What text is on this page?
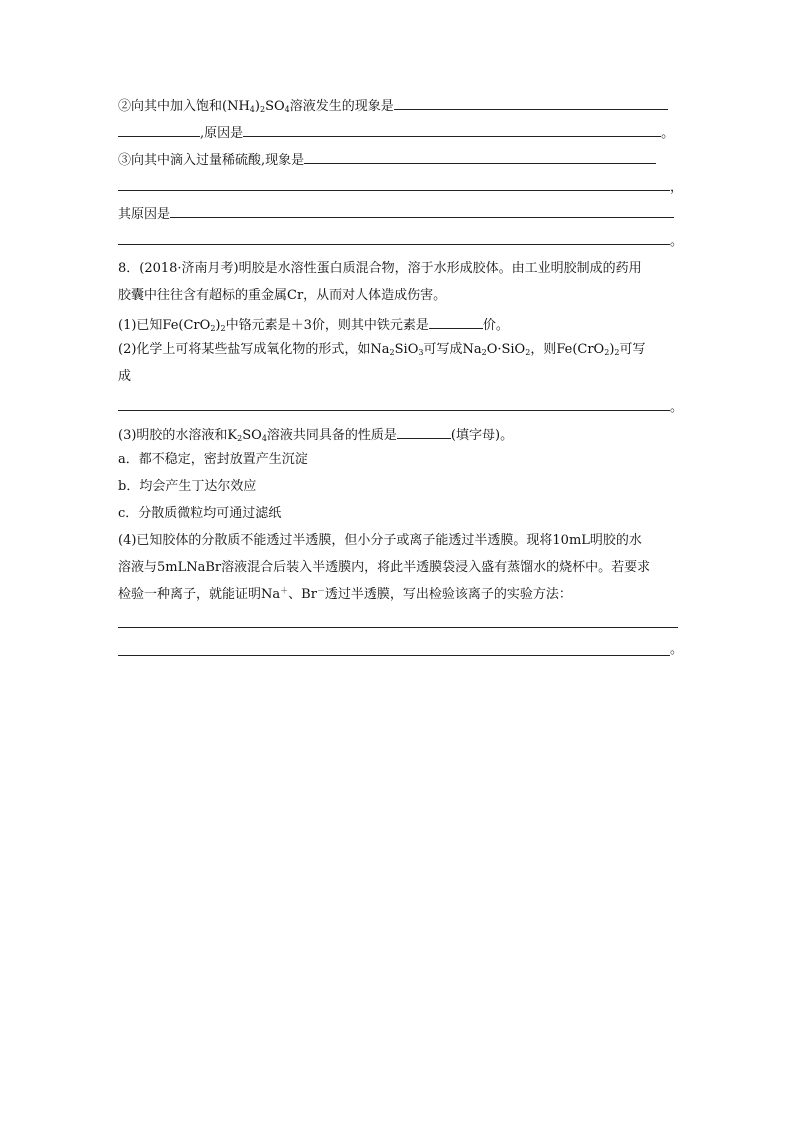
②向其中加入饱和$(NH_4)_2SO_4$溶液发生的现象是
,原因是	。
③向其中滴入过量稀硫酸,现象是
，
其原因是
。
8．(2018·济南月考)明胶是水溶性蛋白质混合物，溶于水形成胶体。由工业明胶制成的药用
胶囊中往往含有超标的重金属Cr，从而对人体造成伤害。
(1)已知$Fe(CrO_2)_2$中铬元素是＋3价，则其中铁元素是	价。
(2)化学上可将某些盐写成氧化物的形式，如$Na_2SiO_3$可写成$Na_2O\cdot SiO_2$，则$Fe(CrO_2)_2$可写
成
。
(3)明胶的水溶液和$K_2SO_4$溶液共同具备的性质是	(填字母)。
a．都不稳定，密封放置产生沉淀
b．均会产生丁达尔效应
c．分散质微粒均可通过滤纸
(4)已知胶体的分散质不能透过半透膜，但小分子或离子能透过半透膜。现将10mL明胶的水
溶液与5mLNaBr溶液混合后装入半透膜内，将此半透膜袋浸入盛有蒸馏水的烧杯中。若要求
检验一种离子，就能证明Na＋、Br－透过半透膜，写出检验该离子的实验方法：
。
